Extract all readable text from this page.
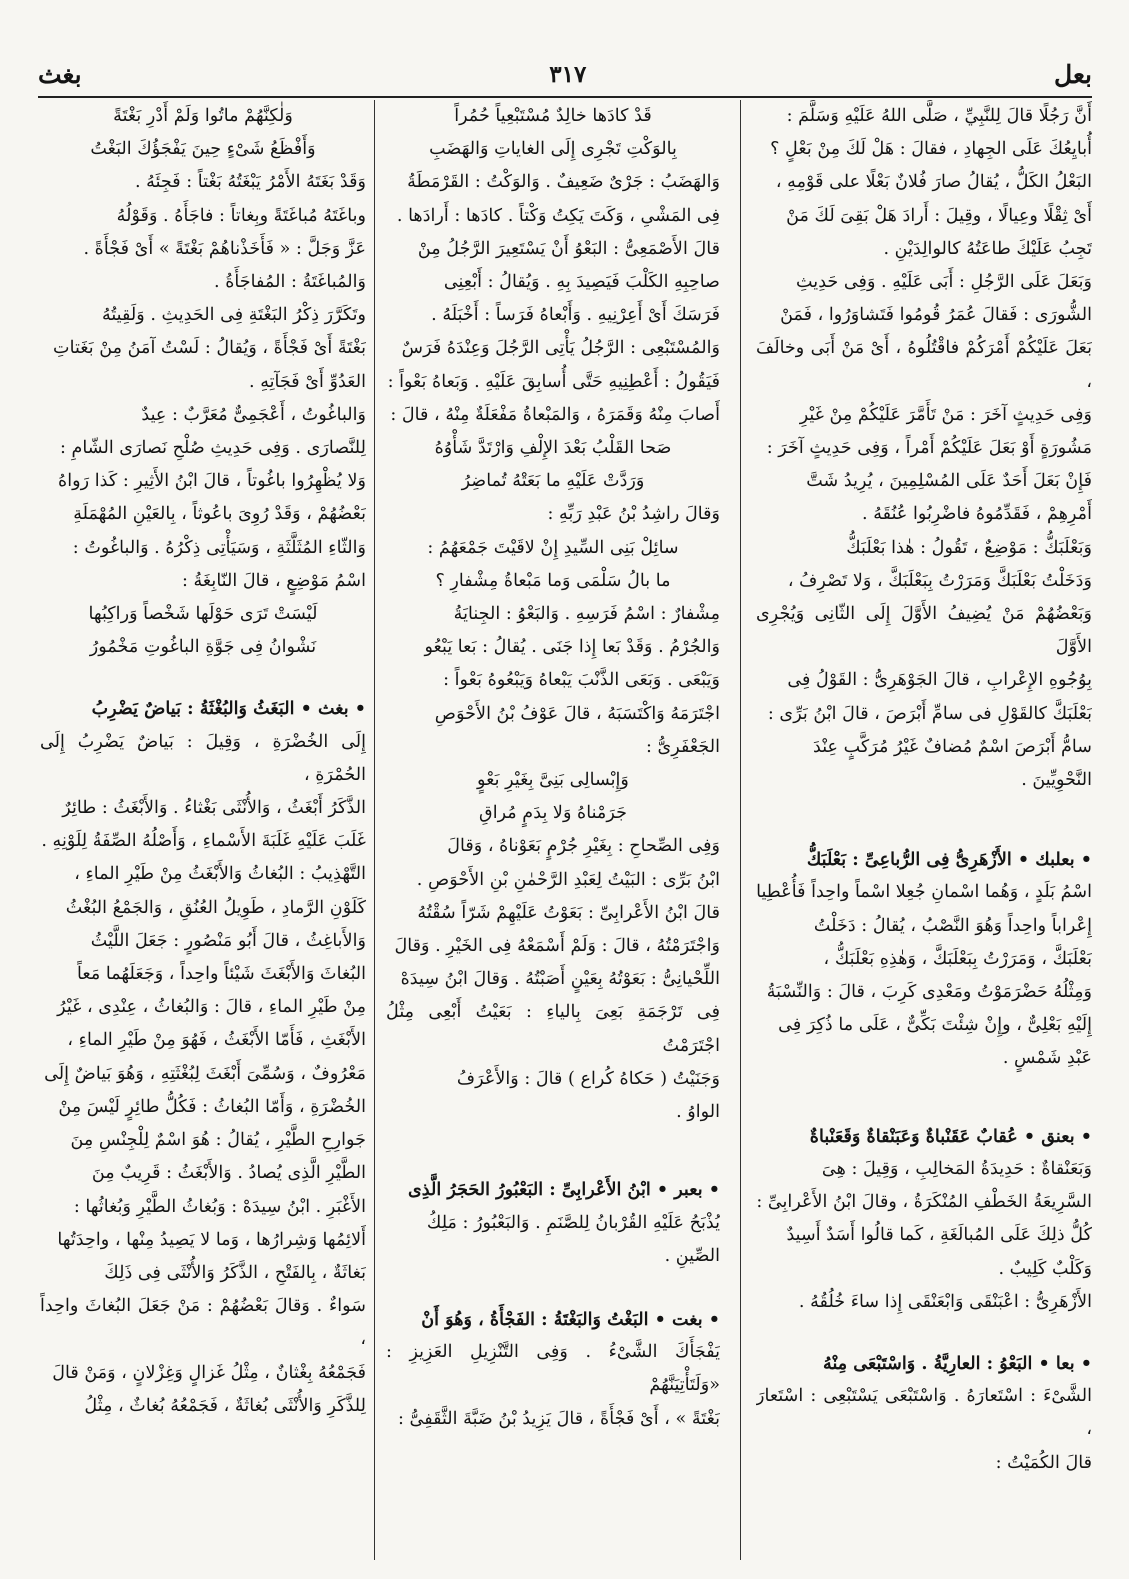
بعل
٣١٧
بغث

أَنَّ رَجُلًا قالَ لِلنَّبِيِّ ، صَلَّى اللهُ عَلَيْهِ وَسَلَّمَ :

أُبايِعُكَ عَلَى الجِهادِ ، فقالَ : هَلْ لَكَ مِنْ بَعْلٍ ؟

البَعْلُ الكَلُّ ، يُقالُ صارَ فُلانٌ بَعْلًا على قَوْمِهِ ،

أَىْ ثِقْلًا وعِيالًا ، وقِيلَ : أَرادَ هَلْ بَقِىَ لَكَ مَنْ

تَجِبُ عَلَيْكَ طاعَتُهُ كالوالِدَيْنِ .

وَبَعَلَ عَلَى الرَّجُلِ : أَبَى عَلَيْهِ . وَفِى حَدِيثِ

الشُّورَى : فَقالَ عُمَرُ قُومُوا فَتَشاوَرُوا ، فَمَنْ

بَعَلَ عَلَيْكُمْ أَمْرَكُمْ فاقْتُلُوهُ ، أَىْ مَنْ أَبَى وخالَفَ ،

وَفِى حَدِيثٍ آخَرَ : مَنْ تَأَمَّرَ عَلَيْكُمْ مِنْ غَيْرِ

مَشُورَةٍ أَوْ بَعَلَ عَلَيْكُمْ أَمْراً ، وَفِى حَدِيثٍ آخَرَ :

فَإِنْ بَعَلَ أَحَدٌ عَلَى المُسْلِمِينَ ، يُرِيدُ شَتَّ

أَمْرِهِمْ ، فَقَدِّمُوهُ فاضْرِبُوا عُنُقَهُ .

وَبَعْلَبَكُّ : مَوْضِعٌ ، تَقُولُ : هٰذا بَعْلَبَكُّ

وَدَخَلْتُ بَعْلَبَكَّ وَمَرَرْتُ بِبَعْلَبَكَّ ، وَلا تَصْرِفُ ،

وَبَعْضُهُمْ مَنْ يُضِيفُ الأَوَّلَ إِلَى الثّانِى وَيُجْرِى الأَوَّلَ

بِوُجُوهِ الإِعْرابِ ، قالَ الجَوْهَرِىُّ : القَوْلُ فِى

بَعْلَبَكَّ كالقَوْلِ فى سامِّ أَبْرَصَ ، قالَ ابْنُ بَرِّى :

سامُّ أَبْرَصَ اسْمٌ مُضافٌ غَيْرُ مُرَكَّبٍ عِنْدَ

النَّحْوِيِّينَ .

• بعلبك • الأَزْهَرِىُّ فِى الرُّباعِىِّ : بَعْلَبَكُّ

اسْمُ بَلَدٍ ، وَهُما اسْمانِ جُعِلا اسْماً واحِداً فَأُعْطِيا

إِعْراباً واحِداً وَهُوَ النَّصْبُ ، يُقالُ : دَخَلْتُ

بَعْلَبَكَّ ، وَمَرَرْتُ بِبَعْلَبَكَّ ، وَهٰذِهِ بَعْلَبَكُّ ،

وَمِثْلُهُ حَضْرَمَوْتُ ومَعْدِى كَرِبَ ، قالَ : وَالنِّسْبَةُ

إِلَيْهِ بَعْلِىٌّ ، وإِنْ شِئْتَ بَكِّىٌّ ، عَلَى ما ذُكِرَ فِى

عَبْدِ شَمْسٍ .

• بعنق • عُقابٌ عَقَنْباةٌ وَعَبَنْقاةٌ وَقَعَنْباةٌ

وَبَعَنْقاةٌ : حَدِيدَةُ المَخالِبِ ، وَقِيلَ : هِىَ

السَّرِيعَةُ الخَطْفِ المُنْكَرَةُ ، وقالَ ابْنُ الأَعْرابِىِّ :

كُلُّ ذلِكَ عَلَى المُبالَغَةِ ، كَما قالُوا أَسَدٌ أَسِيدٌ

وَكَلْبٌ كَلِيبٌ .

الأَزْهَرِىُّ : اعْبَنْقَى وَابْعَنْقَى إِذا ساءَ خُلُقُهُ .

• بعا • البَعْوُ : العارِيَّةُ . وَاسْتَبْعَى مِنْهُ

الشَّىْءَ : اسْتَعارَهُ . وَاسْتَبْعَى يَسْتَبْعِى : اسْتَعارَ ،

قالَ الكُمَيْتُ :

قَدْ كادَها خالِدٌ مُسْتَبْعِياً حُمُراً

بِالوَكْتِ تَجْرِى إِلَى الغاياتِ وَالهَضَبِ

وَالهَضَبُ : جَرْىٌ ضَعِيفٌ . وَالوَكْتُ : القَرْمَطَةُ

فِى المَشْىِ ، وَكَتَ يَكِتُ وَكْتاً . كادَها : أَرادَها .

قالَ الأَصْمَعِىُّ : البَعْوُ أَنْ يَسْتَعِيرَ الرَّجُلُ مِنْ

صاحِبِهِ الكَلْبَ فَيَصِيدَ بِهِ . وَيُقالُ : أَبْعِنِى

فَرَسَكَ أَىْ أَعِرْنِيهِ . وَأَبْعاهُ فَرَساً : أَخْبَلَهُ .

وَالمُسْتَبْعِى : الرَّجُلُ يَأْتِى الرَّجُلَ وَعِنْدَهُ فَرَسٌ

فَيَقُولُ : أَعْطِنِيهِ حَتَّى أُسابِقَ عَلَيْهِ . وَبَعاهُ بَعْواً :

أَصابَ مِنْهُ وَقَمَرَهُ ، وَالمَبْعاةُ مَفْعَلَةٌ مِنْهُ ، قالَ :

صَحا القَلْبُ بَعْدَ الإِلْفِ وَارْتَدَّ شَأْوُهُ

وَرَدَّتْ عَلَيْهِ ما بَعَتْهُ تُماضِرُ

وَقالَ راشِدُ بْنُ عَبْدِ رَبِّهِ :

سائِلْ بَنِى السِّيدِ إِنْ لاقَيْتَ جَمْعَهُمُ :

ما بالُ سَلْمَى وَما مَبْعاةُ مِشْفارِ ؟

مِشْفارٌ : اسْمُ فَرَسِهِ . وَالبَعْوُ : الجِنايَةُ

وَالجُرْمُ . وَقَدْ بَعا إِذا جَنَى . يُقالُ : بَعا يَبْعُو

وَيَبْعَى . وَبَعَى الذَّنْبَ يَبْعاهُ وَيَبْعُوهُ بَعْواً :

اجْتَرَمَهُ وَاكْتَسَبَهُ ، قالَ عَوْفُ بْنُ الأَحْوَصِ

الجَعْفَرِىُّ :

وَإِبْسالِى بَنِىَّ بِغَيْرِ بَعْوٍ

جَرَمْناهُ وَلا بِدَمٍ مُراقِ

وَفِى الصِّحاحِ : بِغَيْرِ جُرْمٍ بَعَوْناهُ ، وَقالَ

ابْنُ بَرِّى : البَيْتُ لِعَبْدِ الرَّحْمٰنِ بْنِ الأَحْوَصِ .

قالَ ابْنُ الأَعْرابِىِّ : بَعَوْتُ عَلَيْهِمْ شَرّاً سُقْتُهُ

وَاجْتَرَمْتُهُ ، قالَ : وَلَمْ أَسْمَعْهُ فِى الخَيْرِ . وَقالَ

اللِّحْيانِىُّ : بَعَوْتُهُ بِعَيْنٍ أَصَبْتُهُ . وَقالَ ابْنُ سِيدَهْ

فِى تَرْجَمَةِ بَعِىَ بِالياءِ : بَعَيْتُ أَبْعِى مِثْلُ اجْتَرَمْتُ

وَجَنَيْتُ ( حَكاهُ كُراع ) قالَ : وَالأَعْرَفُ

الواوُ .

• بعبر • ابْنُ الأَعْرابِىِّ : البَعْبُورُ الحَجَرُ الَّذِى

يُذْبَحُ عَلَيْهِ القُرْبانُ لِلصَّنَمِ . وَالبَعْبُورُ : مَلِكُ

الصِّينِ .

• بغت • البَغْتُ وَالبَغْتَةُ : الفَجْأَةُ ، وَهُوَ أَنْ

يَفْجَأَكَ الشَّىْءُ . وَفِى التَّنْزِيلِ العَزِيزِ : «وَلَتَأْتِيَنَّهُمْ

بَغْتَةً » ، أَىْ فَجْأَةً ، قالَ يَزِيدُ بْنُ ضَبَّةَ الثَّقَفِىُّ :

وَلٰكِنَّهُمْ ماتُوا وَلَمْ أَدْرِ بَغْتَةً

وَأَفْظَعُ شَىْءٍ حِينَ يَفْجَؤُكَ البَغْتُ

وَقَدْ بَغَتَهُ الأَمْرُ يَبْغَتُهُ بَغْتاً : فَجِئَهُ .

وباغَتَهُ مُباغَتَةً وبِغاتاً : فاجَأَهُ . وَقَوْلُهُ

عَزَّ وَجَلَّ : « فَأَخَذْناهُمْ بَغْتَةً » أَىْ فَجْأَةً .

وَالمُباغَتَةُ : المُفاجَأَةُ .

وتَكَرَّرَ ذِكْرُ البَغْتَةِ فِى الحَدِيثِ . وَلَقِيتُهُ

بَغْتَةً أَىْ فَجْأَةً ، وَيُقالُ : لَسْتُ آمَنُ مِنْ بَغَتاتِ

العَدُوِّ أَىْ فَجَآتِهِ .

وَالباغُوتُ ، أَعْجَمِىٌّ مُعَرَّبٌ : عِيدٌ

لِلنَّصارَى . وَفِى حَدِيثِ صُلْحِ نَصارَى الشّامِ :

وَلا يُظْهِرُوا باغُوتاً ، قالَ ابْنُ الأَثِيرِ : كَذا رَواهُ

بَعْضُهُمْ ، وَقَدْ رُوِىَ باعُوثاً ، بِالعَيْنِ المُهْمَلَةِ

وَالثّاءِ المُثَلَّثَةِ ، وَسَيَأْتِى ذِكْرُهُ . وَالباغُوتُ :

اسْمُ مَوْضِعٍ ، قالَ النّابِغَةُ :

لَيْسَتْ تَرَى حَوْلَها شَخْصاً وَراكِبُها

نَشْوانُ فِى جَوَّةِ الباغُوتِ مَخْمُورُ

• بغث • البَغَثُ وَالبُغْثَةُ : بَياضٌ يَضْرِبُ

إِلَى الخُضْرَةِ ، وَقِيلَ : بَياضٌ يَضْرِبُ إِلَى الحُمْرَةِ ،

الذَّكَرُ أَبْغَثُ ، وَالأُنْثَى بَغْثاءُ . وَالأَبْغَثُ : طائِرٌ

غَلَبَ عَلَيْهِ غَلَبَةَ الأَسْماءِ ، وَأَصْلُهُ الصِّفَةُ لِلَوْنِهِ .

التَّهْذِيبُ : البُغاثُ وَالأَبْغَثُ مِنْ طَيْرِ الماءِ ،

كَلَوْنِ الرَّمادِ ، طَوِيلُ العُنُقِ ، وَالجَمْعُ البُغْثُ

وَالأَباغِثُ ، قالَ أَبُو مَنْصُورٍ : جَعَلَ اللَّيْثُ

البُغاثَ وَالأَبْغَثَ شَيْئاً واحِداً ، وَجَعَلَهُما مَعاً

مِنْ طَيْرِ الماءِ ، قالَ : وَالبُغاثُ ، عِنْدِى ، غَيْرُ

الأَبْغَثِ ، فَأَمّا الأَبْغَثُ ، فَهُوَ مِنْ طَيْرِ الماءِ ،

مَعْرُوفٌ ، وَسُمِّىَ أَبْغَثَ لِبُغْثَتِهِ ، وَهُوَ بَياضٌ إِلَى

الخُضْرَةِ ، وَأَمّا البُغاثُ : فَكُلُّ طائِرٍ لَيْسَ مِنْ

جَوارِحِ الطَّيْرِ ، يُقالُ : هُوَ اسْمٌ لِلْجِنْسِ مِنَ

الطَّيْرِ الَّذِى يُصادُ . وَالأَبْغَثُ : قَرِيبٌ مِنَ

الأَغْبَرِ . ابْنُ سِيدَهْ : وَبُغاثُ الطَّيْرِ وَبُغاثُها :

أَلائِمُها وَشِرارُها ، وَما لا يَصِيدُ مِنْها ، واحِدَتُها

بَغاثَةٌ ، بِالفَتْحِ ، الذَّكَرُ وَالأُنْثَى فِى ذَلِكَ

سَواءٌ . وَقالَ بَعْضُهُمْ : مَنْ جَعَلَ البُغاثَ واحِداً ،

فَجَمْعُهُ بِغْثانٌ ، مِثْلُ غَزالٍ وَغِزْلانٍ ، وَمَنْ قالَ

لِلذَّكَرِ وَالأُنْثَى بُغاثَةٌ ، فَجَمْعُهُ بُغاثٌ ، مِثْلُ
